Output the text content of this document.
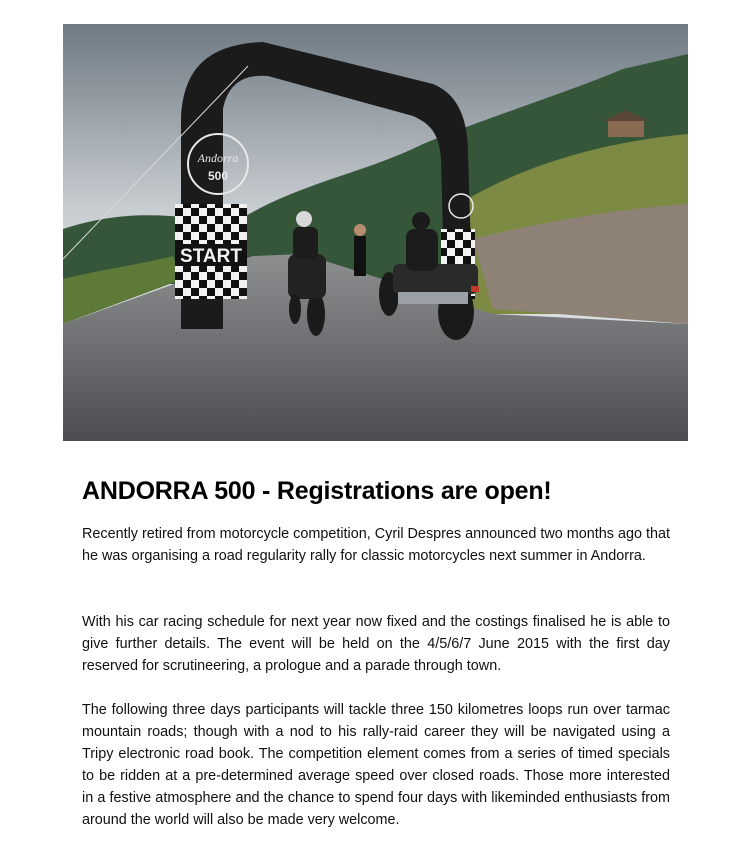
START
Andorra
500
ANDORRA 500 - Registrations are open!

Recently retired from motorcycle competition, Cyril Despres announced two months ago that he was organising a road regularity rally for classic motorcycles next summer in Andorra.

With his car racing schedule for next year now fixed and the costings finalised he is able to give further details. The event will be held on the 4/5/6/7 June 2015 with the first day reserved for scrutineering, a prologue and a parade through town.

The following three days participants will tackle three 150 kilometres loops run over tarmac mountain roads; though with a nod to his rally-raid career they will be navigated using a Tripy electronic road book. The competition element comes from a series of timed specials to be ridden at a pre-determined average speed over closed roads. Those more interested in a festive atmosphere and the chance to spend four days with likeminded enthusiasts from around the world will also be made very welcome.
